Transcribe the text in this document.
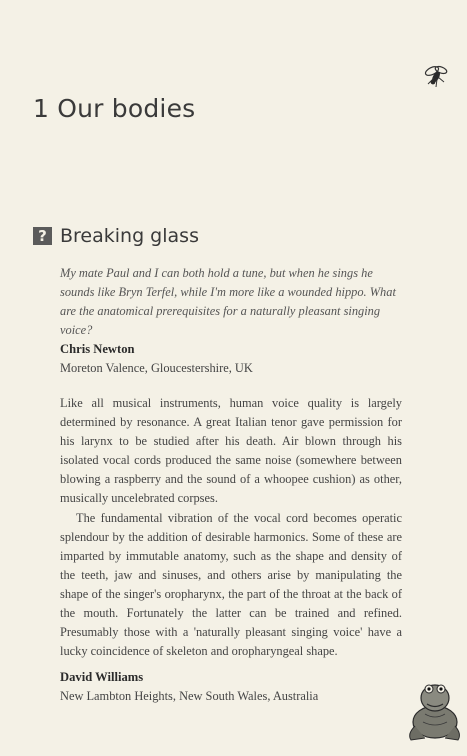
1 Our bodies
? Breaking glass

My mate Paul and I can both hold a tune, but when he sings he sounds like Bryn Terfel, while I'm more like a wounded hippo. What are the anatomical prerequisites for a naturally pleasant singing voice?

Chris Newton
Moreton Valence, Gloucestershire, UK

Like all musical instruments, human voice quality is largely determined by resonance. A great Italian tenor gave permission for his larynx to be studied after his death. Air blown through his isolated vocal cords produced the same noise (somewhere between blowing a raspberry and the sound of a whoopee cushion) as other, musically uncelebrated corpses.

The fundamental vibration of the vocal cord becomes operatic splendour by the addition of desirable harmonics. Some of these are imparted by immutable anatomy, such as the shape and density of the teeth, jaw and sinuses, and others arise by manipulating the shape of the singer's oropharynx, the part of the throat at the back of the mouth. Fortunately the latter can be trained and refined. Presumably those with a 'naturally pleasant singing voice' have a lucky coincidence of skeleton and oropharyngeal shape.

David Williams
New Lambton Heights, New South Wales, Australia
